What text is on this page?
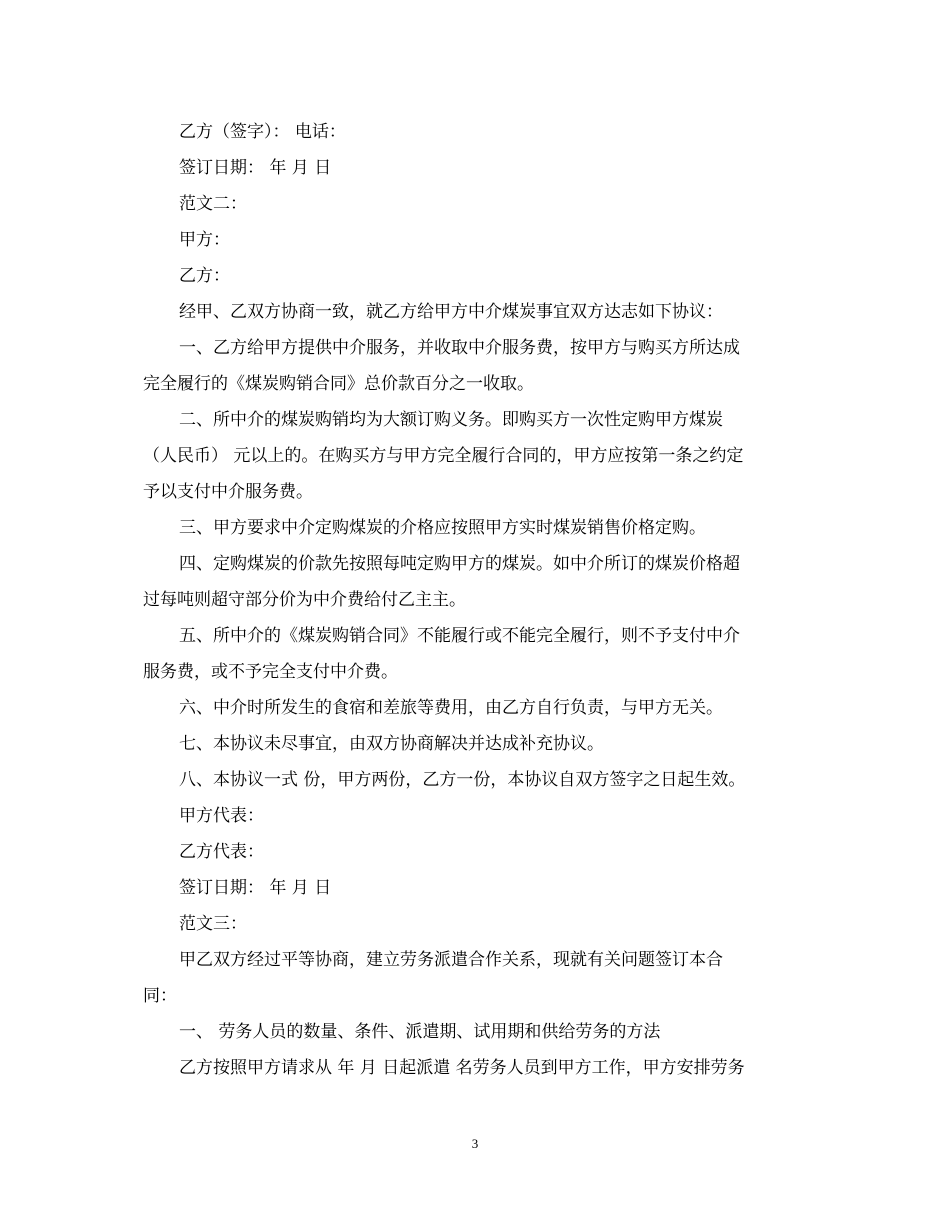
乙方（签字）： 电话：
签订日期： 年 月 日
范文二：
甲方：
乙方：
经甲、乙双方协商一致，就乙方给甲方中介煤炭事宜双方达志如下协议：
一、乙方给甲方提供中介服务，并收取中介服务费，按甲方与购买方所达成
完全履行的《煤炭购销合同》总价款百分之一收取。
二、所中介的煤炭购销均为大额订购义务。即购买方一次性定购甲方煤炭
（人民币） 元以上的。在购买方与甲方完全履行合同的，甲方应按第一条之约定
予以支付中介服务费。
三、甲方要求中介定购煤炭的介格应按照甲方实时煤炭销售价格定购。
四、定购煤炭的价款先按照每吨定购甲方的煤炭。如中介所订的煤炭价格超
过每吨则超守部分价为中介费给付乙主主。
五、所中介的《煤炭购销合同》不能履行或不能完全履行，则不予支付中介
服务费，或不予完全支付中介费。
六、中介时所发生的食宿和差旅等费用，由乙方自行负责，与甲方无关。
七、本协议未尽事宜，由双方协商解决并达成补充协议。
八、本协议一式 份，甲方两份，乙方一份，本协议自双方签字之日起生效。
甲方代表：
乙方代表：
签订日期： 年 月 日
范文三：
甲乙双方经过平等协商，建立劳务派遣合作关系，现就有关问题签订本合
同：
一、 劳务人员的数量、条件、派遣期、试用期和供给劳务的方法
乙方按照甲方请求从 年 月 日起派遣 名劳务人员到甲方工作，甲方安排劳务
3
